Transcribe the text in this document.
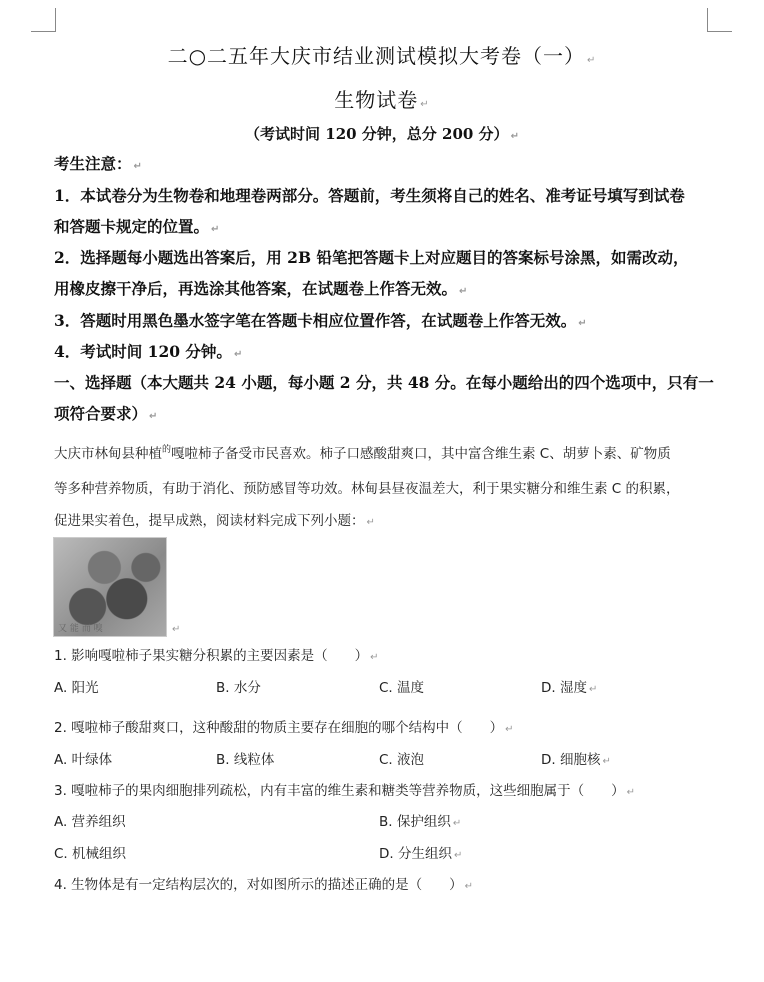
二○二五年大庆市结业测试模拟大考卷（一） ↵
生物试卷 ↵
（考试时间 120 分钟，总分 200 分） ↵
考生注意： ↵
1．本试卷分为生物卷和地理卷两部分。答题前，考生须将自己的姓名、准考证号填写到试卷
和答题卡规定的位置。 ↵
2．选择题每小题选出答案后，用 2B 铅笔把答题卡上对应题目的答案标号涂黑，如需改动，
用橡皮擦干净后，再选涂其他答案，在试题卷上作答无效。 ↵
3．答题时用黑色墨水签字笔在答题卡相应位置作答，在试题卷上作答无效。 ↵
4．考试时间 120 分钟。 ↵
一、选择题（本大题共 24 小题，每小题 2 分，共 48 分。在每小题给出的四个选项中，只有一
项符合要求） ↵
大庆市林甸县种植$^的$嘎啦柿子备受市民喜欢。柿子口感酸甜爽口，其中富含维生素 C、胡萝卜素、矿物质
等多种营养物质，有助于消化、预防感冒等功效。林甸县昼夜温差大，利于果实糖分和维生素 C 的积累，
促进果实着色，提早成熟，阅读材料完成下列小题： ↵
又 能 而 嗅	↵
1. 影响嘎啦柿子果实糖分积累的主要因素是（　　） ↵
A. 阳光	B. 水分	C. 温度	D. 湿度 ↵
2. 嘎啦柿子酸甜爽口，这种酸甜的物质主要存在细胞的哪个结构中（　　） ↵
A. 叶绿体	B. 线粒体	C. 液泡	D. 细胞核 ↵
3. 嘎啦柿子的果肉细胞排列疏松，内有丰富的维生素和糖类等营养物质，这些细胞属于（　　） ↵
A. 营养组织	B. 保护组织 ↵
C. 机械组织	D. 分生组织 ↵
4. 生物体是有一定结构层次的，对如图所示的描述正确的是（　　） ↵
